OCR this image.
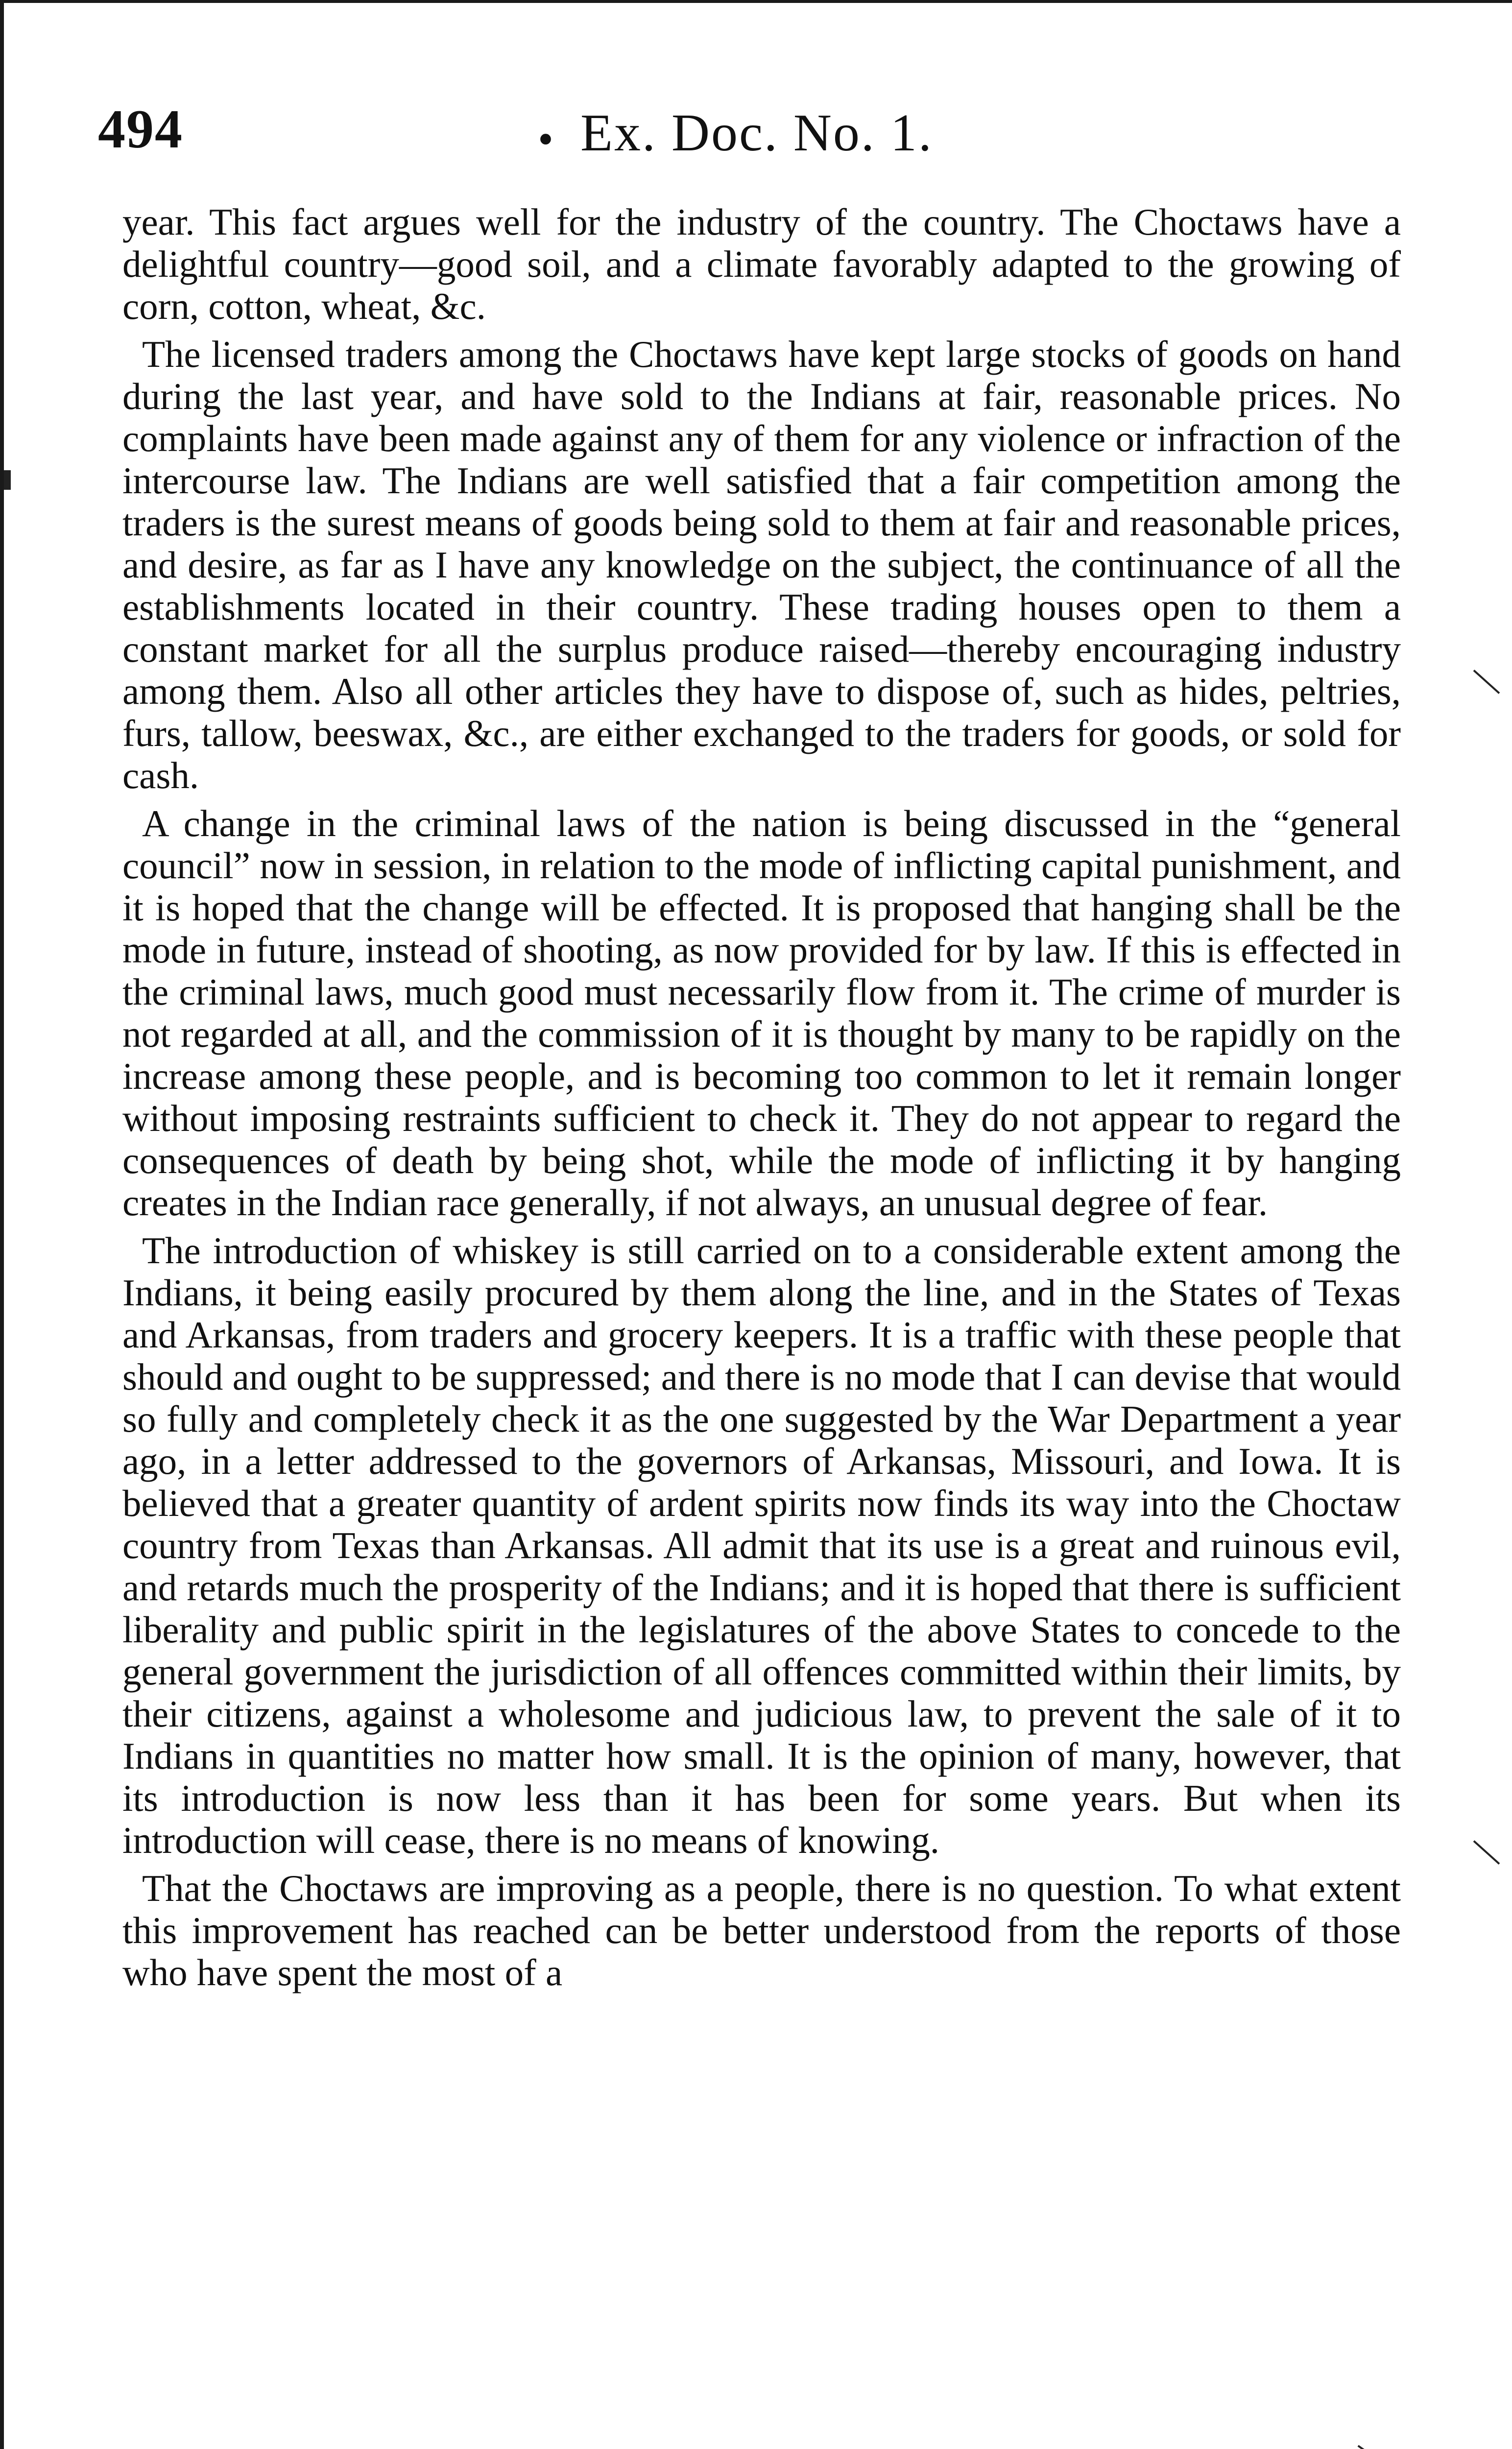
494	• Ex. Doc. No. 1.

year. This fact argues well for the industry of the country. The Choctaws have a delightful country—good soil, and a climate favorably adapted to the growing of corn, cotton, wheat, &c.

The licensed traders among the Choctaws have kept large stocks of goods on hand during the last year, and have sold to the Indians at fair, reasonable prices. No complaints have been made against any of them for any violence or infraction of the intercourse law. The Indians are well satisfied that a fair competition among the traders is the surest means of goods being sold to them at fair and reasonable prices, and desire, as far as I have any knowledge on the subject, the continuance of all the establishments located in their country. These trading houses open to them a constant market for all the surplus produce raised—thereby encouraging industry among them. Also all other articles they have to dispose of, such as hides, peltries, furs, tallow, beeswax, &c., are either exchanged to the traders for goods, or sold for cash.

A change in the criminal laws of the nation is being discussed in the “general council” now in session, in relation to the mode of inflicting capital punishment, and it is hoped that the change will be effected. It is proposed that hanging shall be the mode in future, instead of shooting, as now provided for by law. If this is effected in the criminal laws, much good must necessarily flow from it. The crime of murder is not regarded at all, and the commission of it is thought by many to be rapidly on the increase among these people, and is becoming too common to let it remain longer without imposing restraints sufficient to check it. They do not appear to regard the consequences of death by being shot, while the mode of inflicting it by hanging creates in the Indian race generally, if not always, an unusual degree of fear.

The introduction of whiskey is still carried on to a considerable extent among the Indians, it being easily procured by them along the line, and in the States of Texas and Arkansas, from traders and grocery keepers. It is a traffic with these people that should and ought to be suppressed; and there is no mode that I can devise that would so fully and completely check it as the one suggested by the War Department a year ago, in a letter addressed to the governors of Arkansas, Missouri, and Iowa. It is believed that a greater quantity of ardent spirits now finds its way into the Choctaw country from Texas than Arkansas. All admit that its use is a great and ruinous evil, and retards much the prosperity of the Indians; and it is hoped that there is sufficient liberality and public spirit in the legislatures of the above States to concede to the general government the jurisdiction of all offences committed within their limits, by their citizens, against a wholesome and judicious law, to prevent the sale of it to Indians in quantities no matter how small. It is the opinion of many, however, that its introduction is now less than it has been for some years. But when its introduction will cease, there is no means of knowing.

That the Choctaws are improving as a people, there is no question. To what extent this improvement has reached can be better understood from the reports of those who have spent the most of a
